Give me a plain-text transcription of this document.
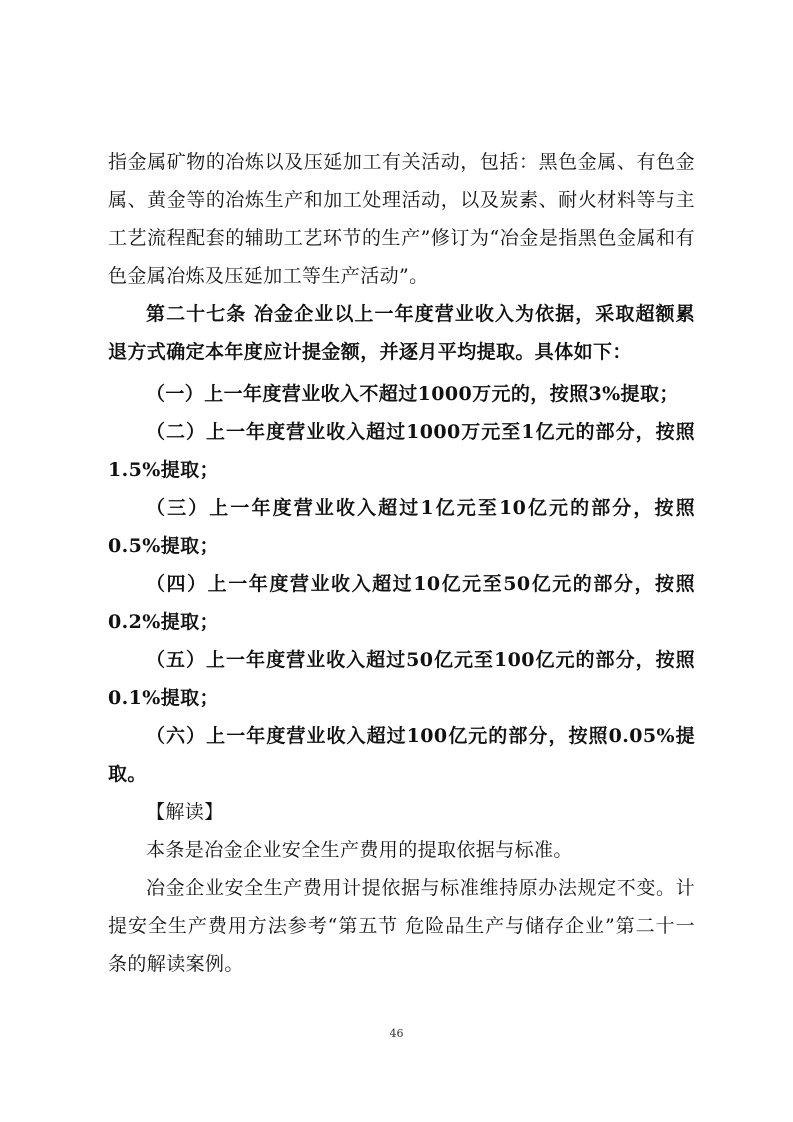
指金属矿物的冶炼以及压延加工有关活动，包括：黑色金属、有色金属、黄金等的冶炼生产和加工处理活动，以及炭素、耐火材料等与主工艺流程配套的辅助工艺环节的生产”修订为“冶金是指黑色金属和有色金属冶炼及压延加工等生产活动”。

第二十七条 冶金企业以上一年度营业收入为依据，采取超额累退方式确定本年度应计提金额，并逐月平均提取。具体如下：

（一）上一年度营业收入不超过1000万元的，按照3%提取；

（二）上一年度营业收入超过1000万元至1亿元的部分，按照1.5%提取；

（三）上一年度营业收入超过1亿元至10亿元的部分，按照0.5%提取；

（四）上一年度营业收入超过10亿元至50亿元的部分，按照0.2%提取；

（五）上一年度营业收入超过50亿元至100亿元的部分，按照0.1%提取；

（六）上一年度营业收入超过100亿元的部分，按照0.05%提取。

【解读】

本条是冶金企业安全生产费用的提取依据与标准。

冶金企业安全生产费用计提依据与标准维持原办法规定不变。计提安全生产费用方法参考“第五节 危险品生产与储存企业”第二十一条的解读案例。

46
